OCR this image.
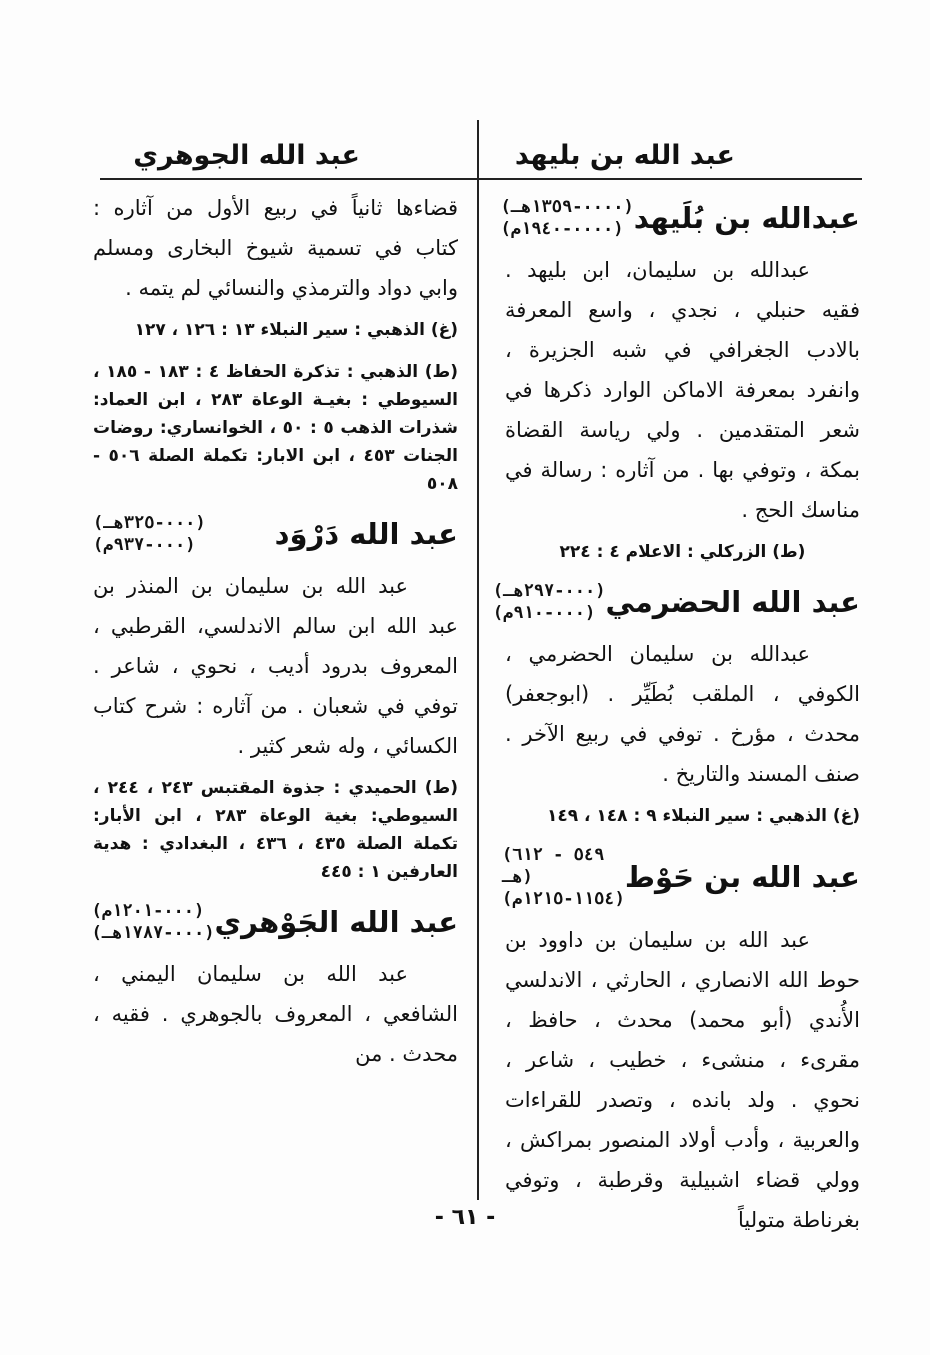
عبد الله بن بليهد
عبد الله الجوهري
عبدالله بن بُلَيهد
(٠٠٠٠-١٣٥٩هـ)
(٠٠٠٠-١٩٤٠م)

عبدالله بن سليمان، ابن بليهد . فقيه حنبلي ، نجدي ، واسع المعرفة بالادب الجغرافي في شبه الجزيرة ، وانفرد بمعرفة الاماكن الوارد ذكرها في شعر المتقدمين . ولي رياسة القضاة بمكة ، وتوفي بها . من آثاره : رسالة في مناسك الحج .

(ط) الزركلي : الاعلام ٤ : ٢٢٤
عبد الله الحضرمي
(٠٠٠-٢٩٧هـ)
(٠٠٠-٩١٠م)

عبدالله بن سليمان الحضرمي ، الكوفي ، الملقب بُطَيِّر . (ابوجعفر) محدث ، مؤرخ . توفي في ربيع الآخر . صنف المسند والتاريخ .

(غ) الذهبي : سير النبلاء ٩ : ١٤٨ ، ١٤٩
عبد الله بن حَوْط
(٥٤٩ - ٦١٢ هـ)
(١١٥٤-١٢١٥م)

عبد الله بن سليمان بن داوود بن حوط الله الانصاري ، الحارثي ، الاندلسي الأُندي (أبو محمد) محدث ، حافظ ، مقرىء ، منشىء ، خطيب ، شاعر ، نحوي . ولد بانده ، وتصدر للقراءات والعربية ، وأدب أولاد المنصور بمراكش ، وولي قضاء اشبيلية وقرطبة ، وتوفي بغرناطة متولياً

قضاءها ثانياً في ربيع الأول من آثاره : كتاب في تسمية شيوخ البخارى ومسلم وابي دواد والترمذي والنسائي لم يتمه .

(غ) الذهبي : سير النبلاء ١٣ : ١٢٦ ، ١٢٧
(ط) الذهبي : تذكرة الحفاظ ٤ : ١٨٣ - ١٨٥ ، السيوطي : بغيـة الوعاة ٢٨٣ ، ابن العماد: شذرات الذهب ٥ : ٥٠ ، الخوانساري: روضات الجنات ٤٥٣ ، ابن الابار: تكملة الصلة ٥٠٦ - ٥٠٨
عبد الله دَرْوَد
(٠٠٠-٣٢٥هـ)
(٠٠٠-٩٣٧م)

عبد الله بن سليمان بن المنذر بن عبد الله ابن سالم الاندلسي، القرطبي ، المعروف بدرود أديب ، نحوي ، شاعر . توفي في شعبان . من آثاره : شرح كتاب الكسائي ، وله شعر كثير .

(ط) الحميدي : جذوة المقتبس ٢٤٣ ، ٢٤٤ ، السيوطي: بغية الوعاة ٢٨٣ ، ابن الأبار: تكملة الصلة ٤٣٥ ، ٤٣٦ ، البغدادي : هدية العارفين ١ : ٤٤٥
عبد الله الجَوْهري
(٠٠٠-١٢٠١م)
(٠٠٠-١٧٨٧هـ)

عبد الله بن سليمان اليمني ، الشافعي ، المعروف بالجوهري . فقيه ، محدث . من

- ٦١ -
